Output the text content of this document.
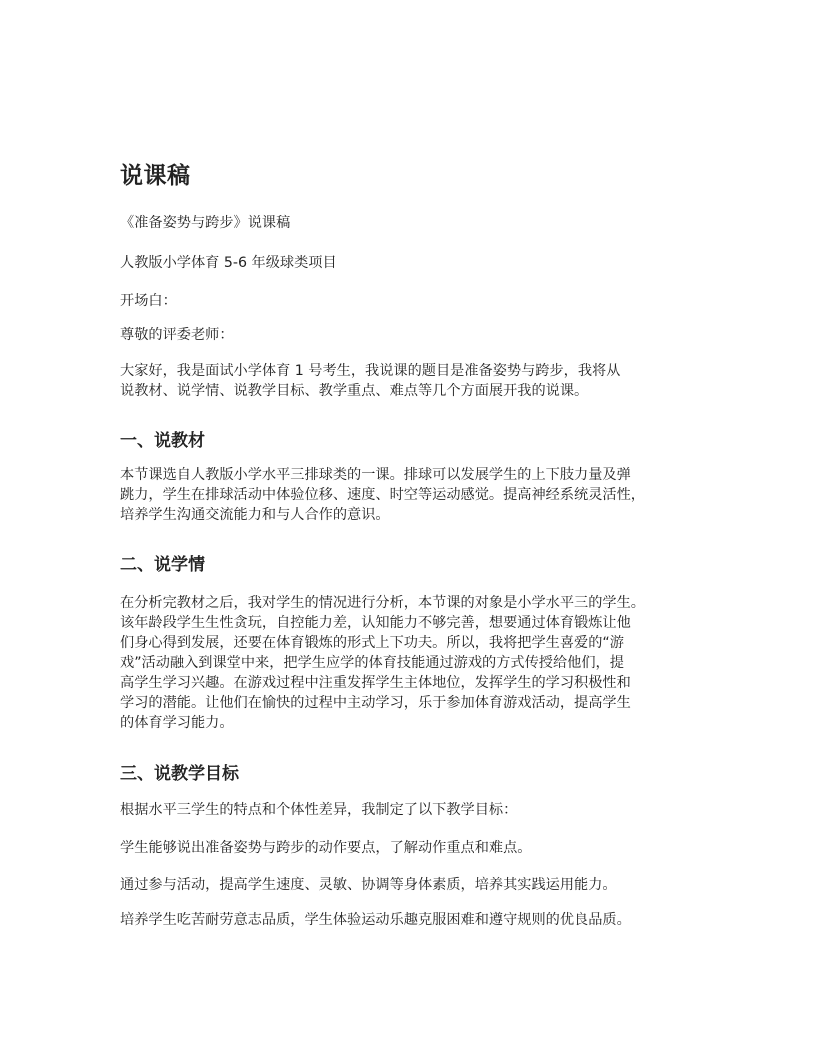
说课稿

《准备姿势与跨步》说课稿

人教版小学体育 5-6 年级球类项目

开场白：

尊敬的评委老师：

大家好，我是面试小学体育 1 号考生，我说课的题目是准备姿势与跨步，我将从
说教材、说学情、说教学目标、教学重点、难点等几个方面展开我的说课。

一、说教材

本节课选自人教版小学水平三排球类的一课。排球可以发展学生的上下肢力量及弹
跳力，学生在排球活动中体验位移、速度、时空等运动感觉。提高神经系统灵活性，
培养学生沟通交流能力和与人合作的意识。

二、说学情

在分析完教材之后，我对学生的情况进行分析，本节课的对象是小学水平三的学生。
该年龄段学生生性贪玩，自控能力差，认知能力不够完善，想要通过体育锻炼让他
们身心得到发展，还要在体育锻炼的形式上下功夫。所以，我将把学生喜爱的“游
戏”活动融入到课堂中来，把学生应学的体育技能通过游戏的方式传授给他们，提
高学生学习兴趣。在游戏过程中注重发挥学生主体地位，发挥学生的学习积极性和
学习的潜能。让他们在愉快的过程中主动学习，乐于参加体育游戏活动，提高学生
的体育学习能力。

三、说教学目标

根据水平三学生的特点和个体性差异，我制定了以下教学目标：

学生能够说出准备姿势与跨步的动作要点，了解动作重点和难点。

通过参与活动，提高学生速度、灵敏、协调等身体素质，培养其实践运用能力。

培养学生吃苦耐劳意志品质，学生体验运动乐趣克服困难和遵守规则的优良品质。
